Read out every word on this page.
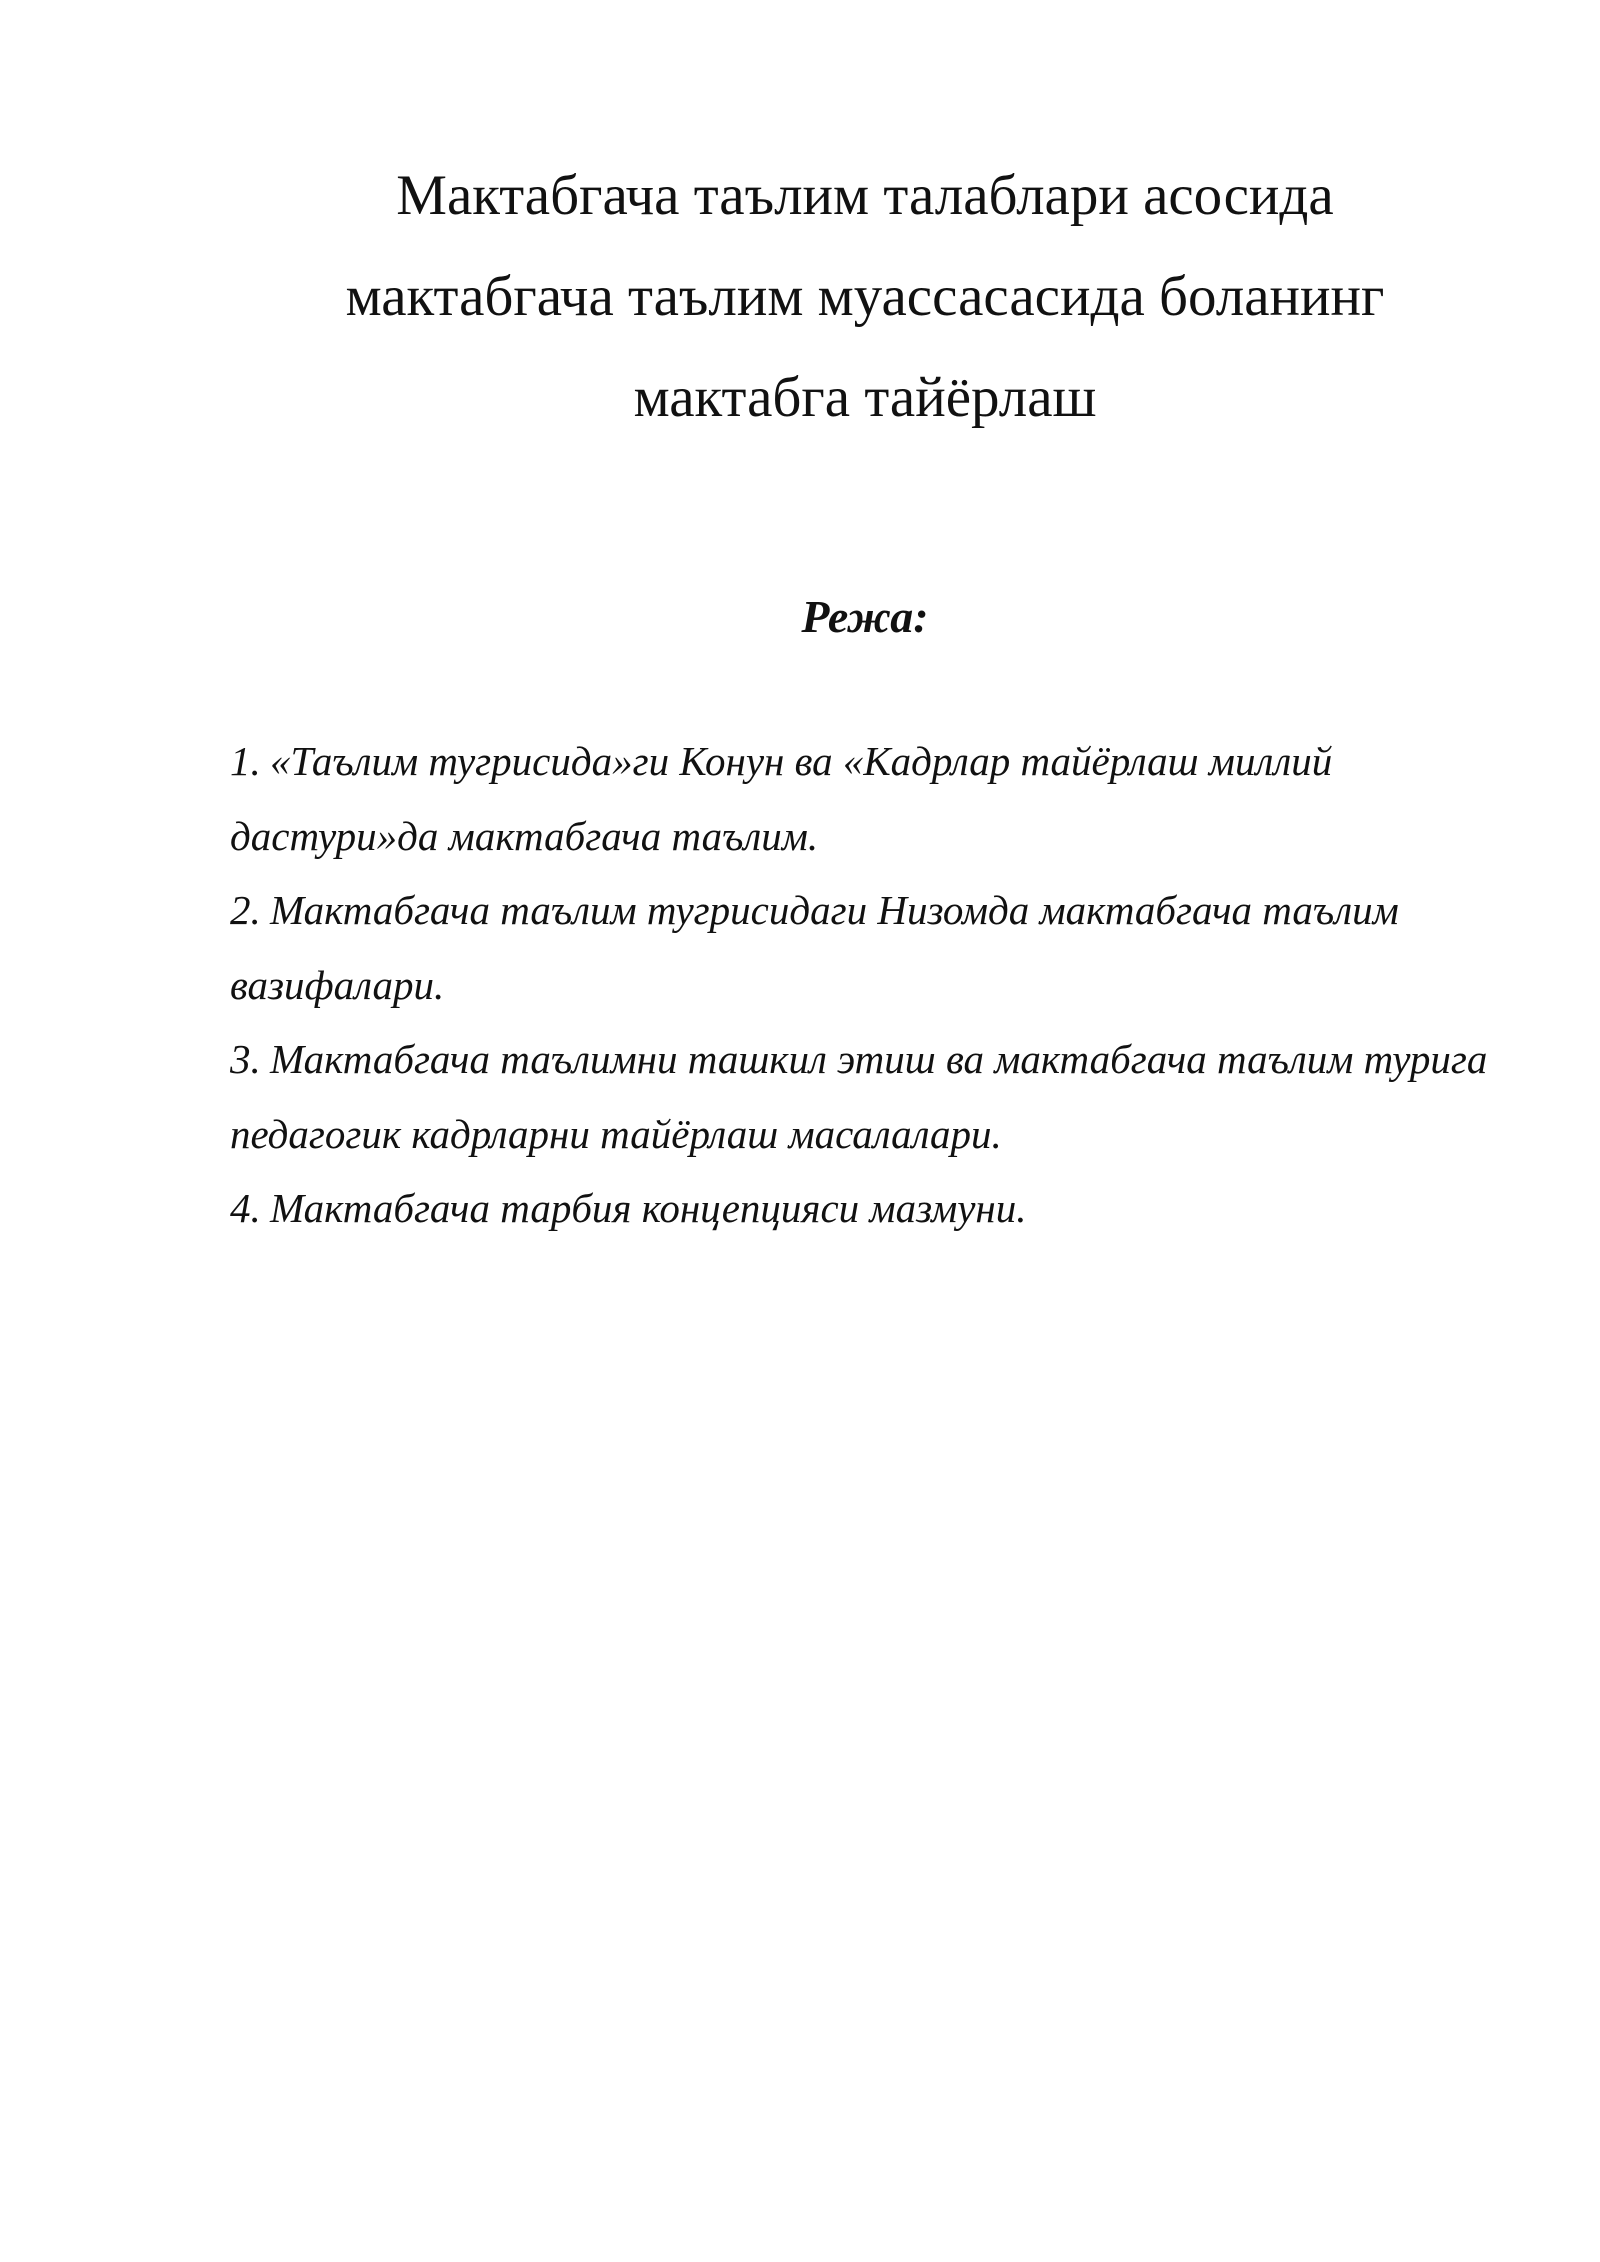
Мактабгача таълим талаблари асосида
мактабгача таълим муассасасида боланинг
мактабга тайёрлаш
Режа:
1. «Таълим тугрисида»ги Конун ва «Кадрлар тайёрлаш миллий дастури»да мактабгача таълим.
2. Мактабгача таълим тугрисидаги Низомда мактабгача таълим вазифалари.
3. Мактабгача таълимни ташкил этиш ва мактабгача таълим турига педагогик кадрларни тайёрлаш масалалари.
4. Мактабгача тарбия концепцияси мазмуни.
